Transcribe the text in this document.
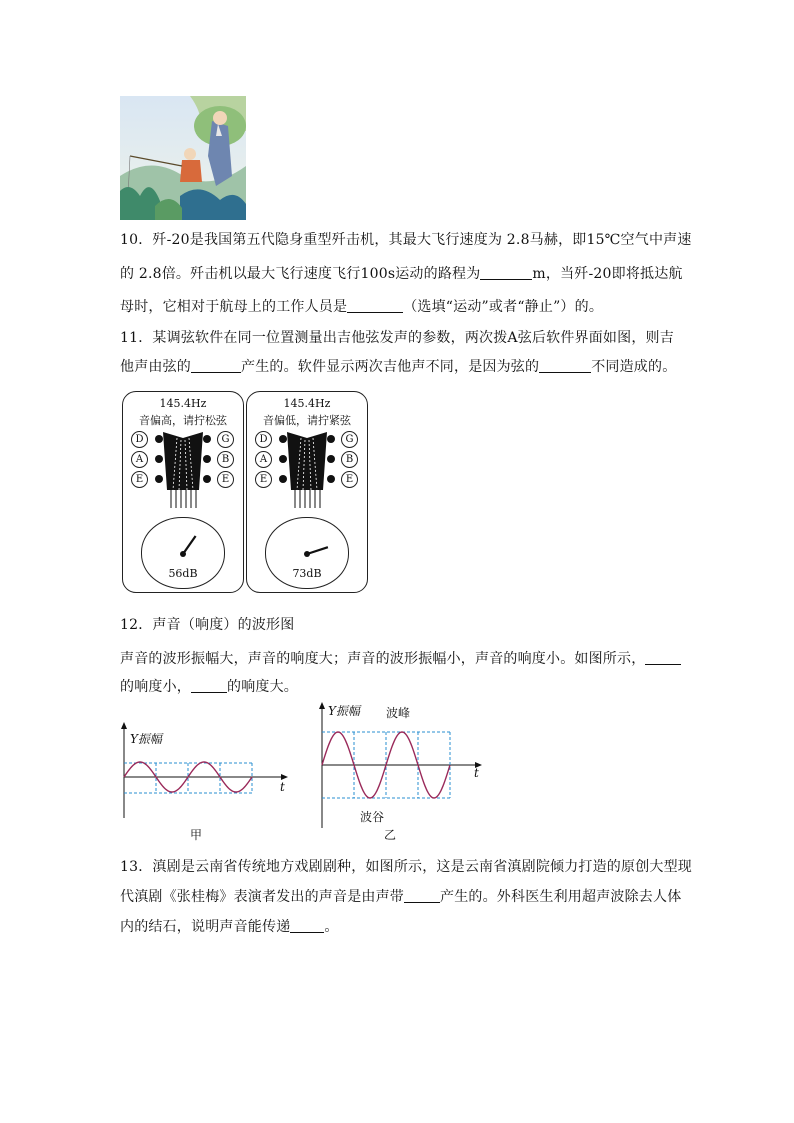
10．歼-20是我国第五代隐身重型歼击机，其最大飞行速度为 2.8马赫，即15℃空气中声速
的 2.8倍。歼击机以最大飞行速度飞行100s运动的路程为	m，当歼-20即将抵达航
母时，它相对于航母上的工作人员是	（选填“运动”或者“静止”）的。
11．某调弦软件在同一位置测量出吉他弦发声的参数，两次拨A弦后软件界面如图，则吉
他声由弦的	产生的。软件显示两次吉他声不同，是因为弦的	不同造成的。
145.4Hz
音偏高，请拧松弦
D
A
E
G
B
E
56dB
145.4Hz
音偏低，请拧紧弦
D
A
E
G
B
E
73dB
12．声音（响度）的波形图
声音的波形振幅大，声音的响度大；声音的波形振幅小，声音的响度小。如图所示，
的响度小，	的响度大。
Y振幅
t
甲
Y振幅 波峰
t
波谷
乙
13．滇剧是云南省传统地方戏剧剧种，如图所示，这是云南省滇剧院倾力打造的原创大型现
代滇剧《张桂梅》表演者发出的声音是由声带	产生的。外科医生利用超声波除去人体
内的结石，说明声音能传递 。
